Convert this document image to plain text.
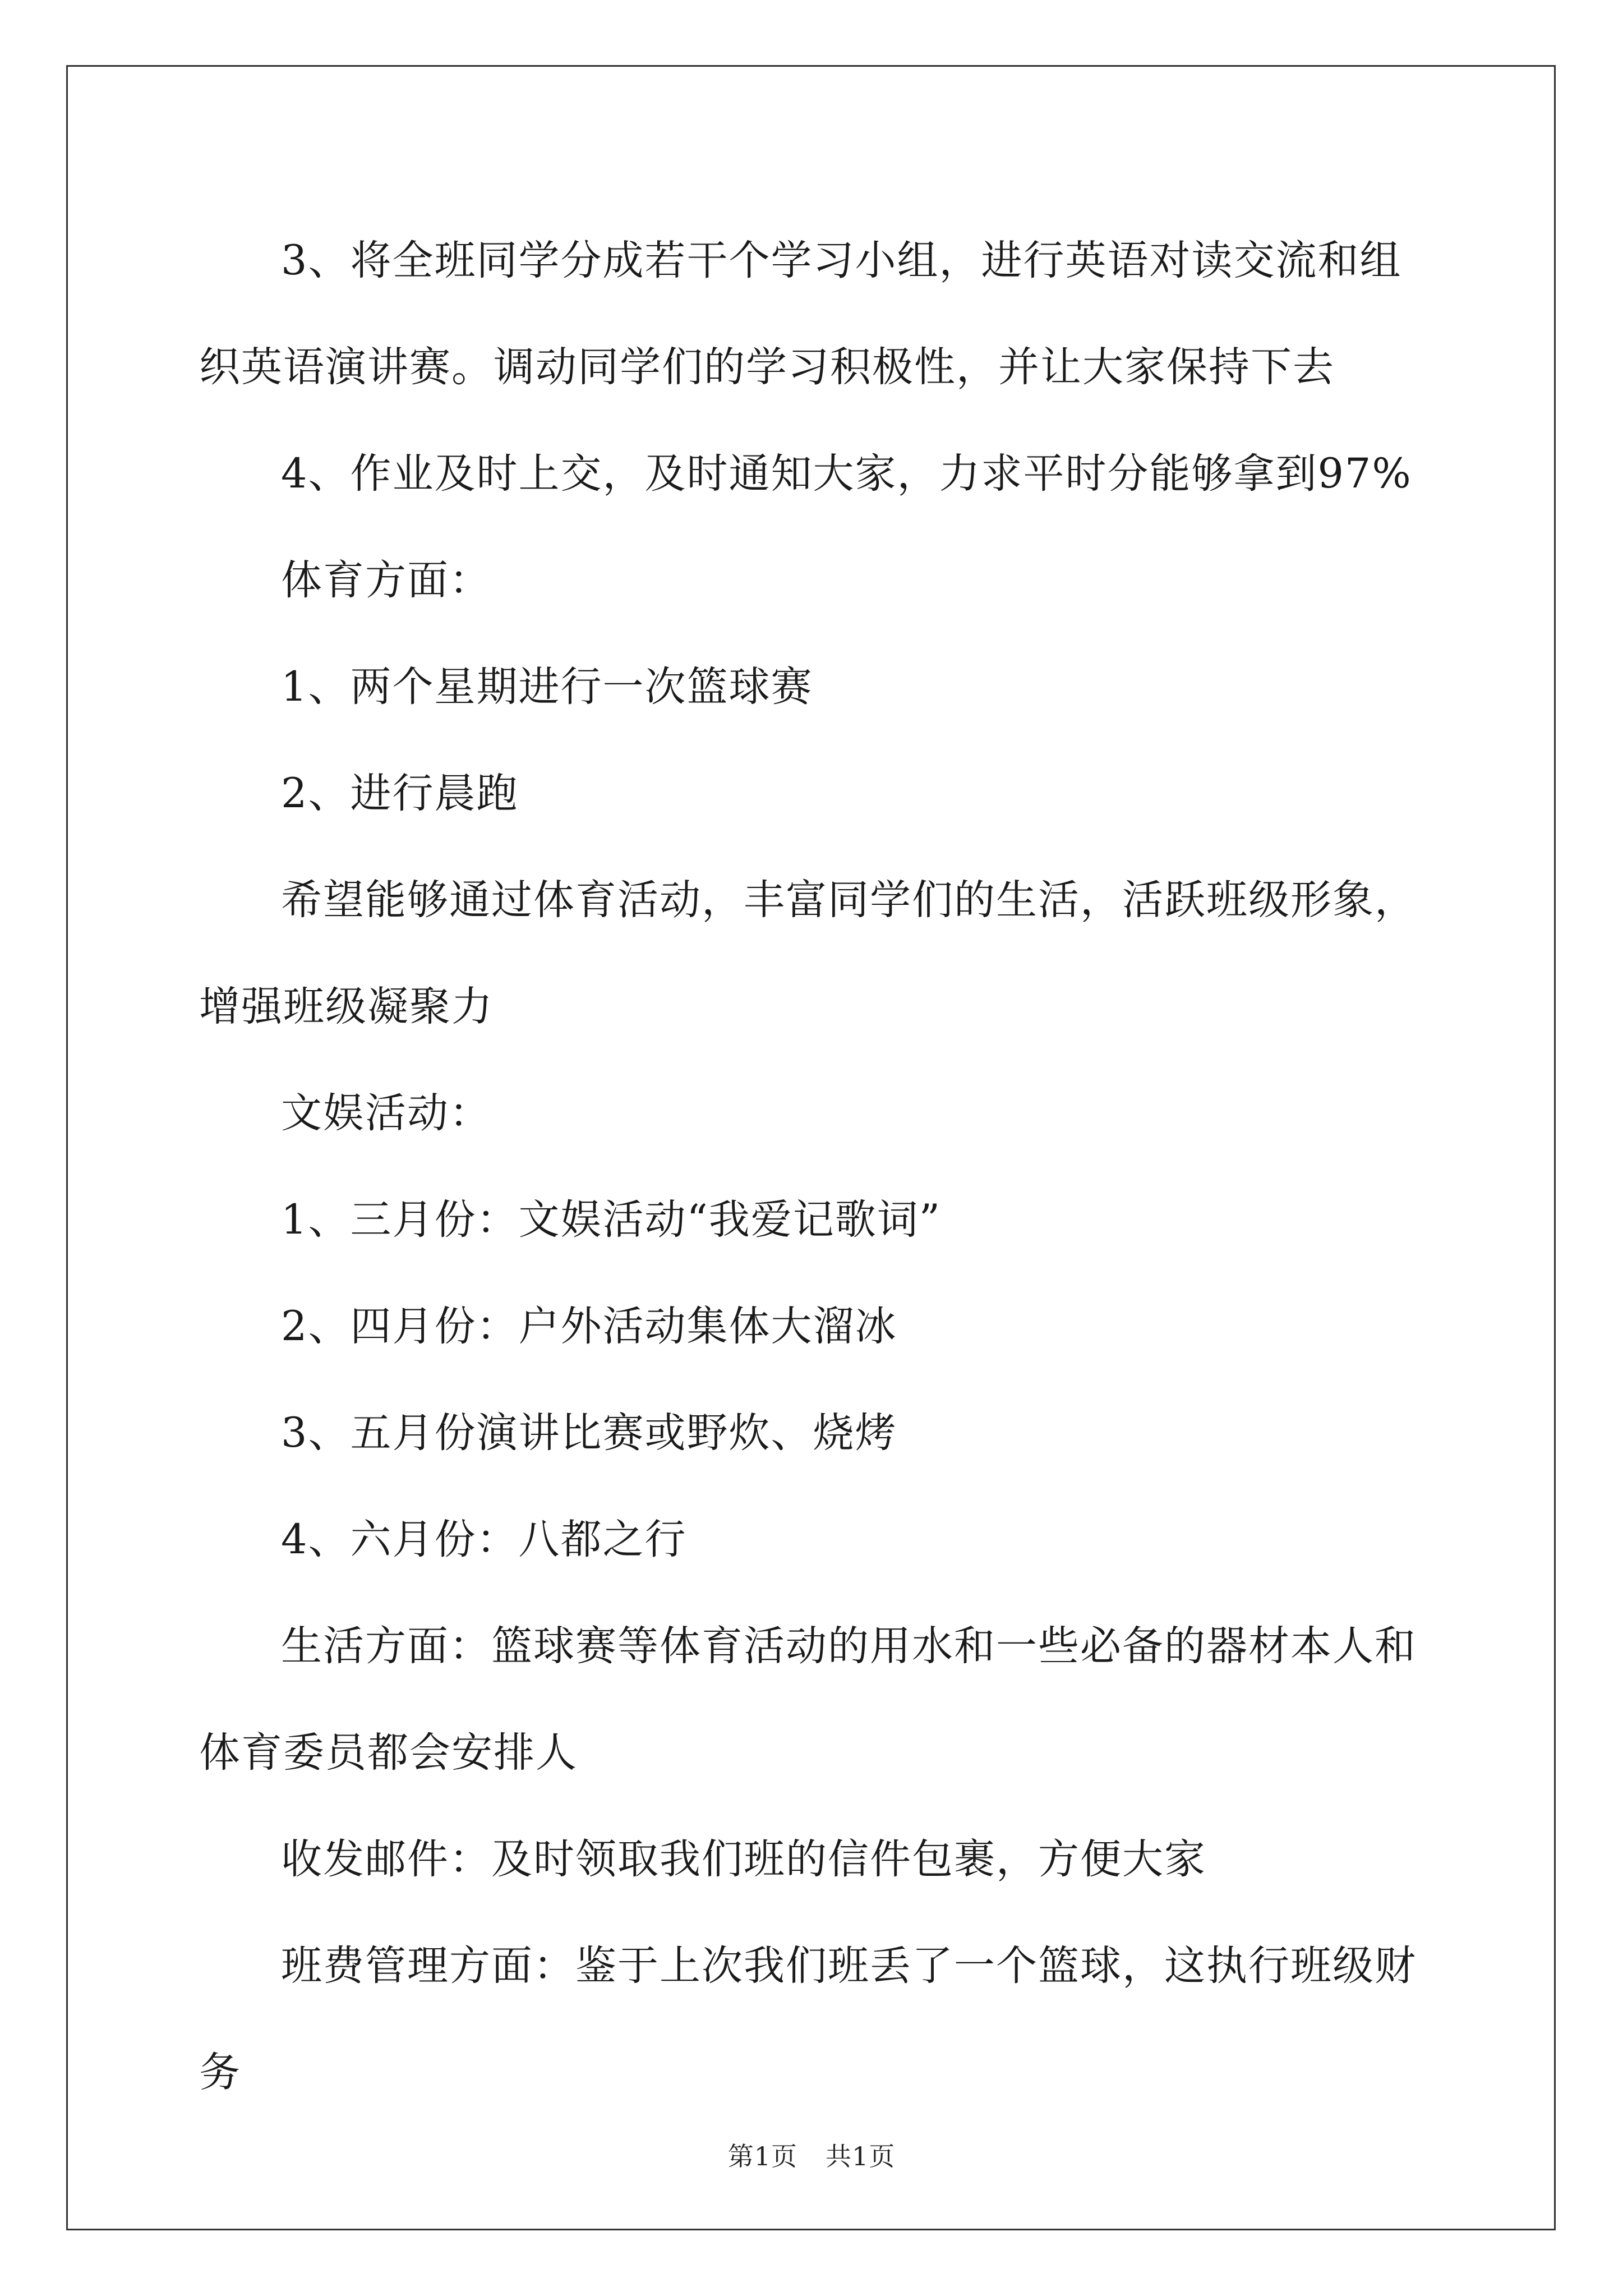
3、将全班同学分成若干个学习小组，进行英语对读交流和组织英语演讲赛。调动同学们的学习积极性，并让大家保持下去

4、作业及时上交，及时通知大家，力求平时分能够拿到97%

体育方面：

1、两个星期进行一次篮球赛

2、进行晨跑

希望能够通过体育活动，丰富同学们的生活，活跃班级形象，增强班级凝聚力

文娱活动：

1、三月份：文娱活动“我爱记歌词”

2、四月份：户外活动集体大溜冰

3、五月份演讲比赛或野炊、烧烤

4、六月份：八都之行

生活方面：篮球赛等体育活动的用水和一些必备的器材本人和体育委员都会安排人

收发邮件：及时领取我们班的信件包裹，方便大家

班费管理方面：鉴于上次我们班丢了一个篮球，这执行班级财务

第1页 共1页
